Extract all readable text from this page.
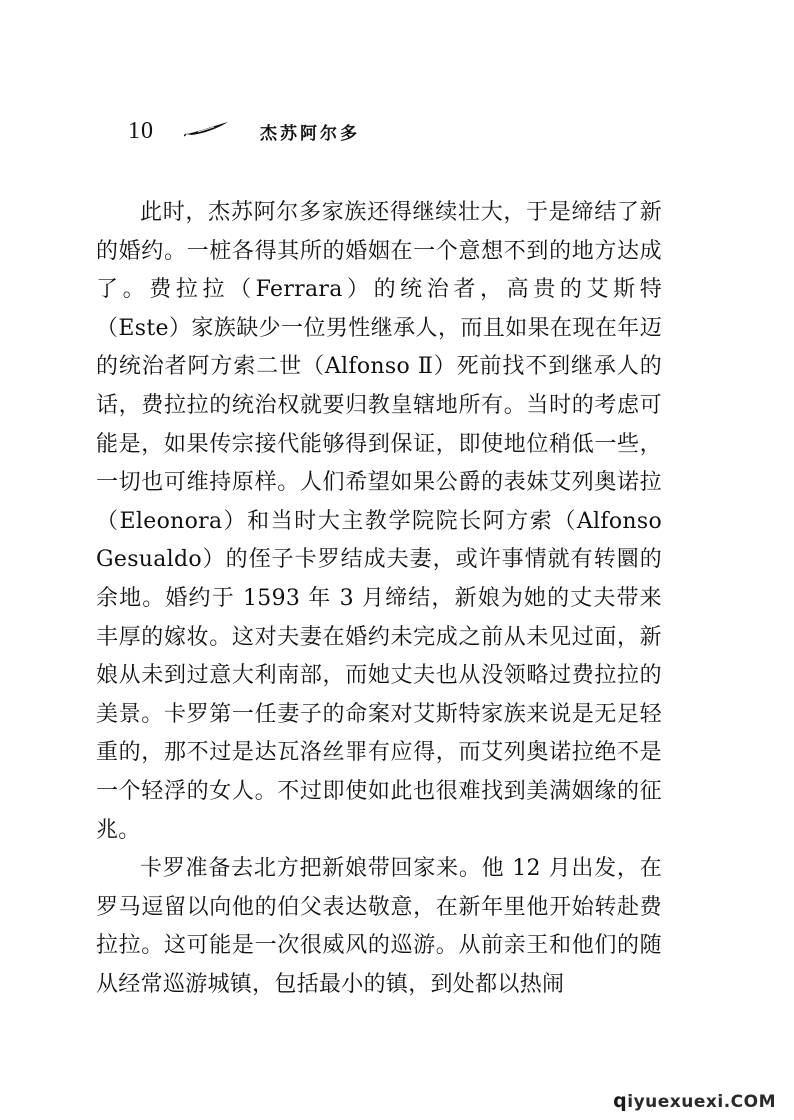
10	杰苏阿尔多

此时，杰苏阿尔多家族还得继续壮大，于是缔结了新的婚约。一桩各得其所的婚姻在一个意想不到的地方达成了。费拉拉（Ferrara）的统治者，高贵的艾斯特（Este）家族缺少一位男性继承人，而且如果在现在年迈的统治者阿方索二世（Alfonso Ⅱ）死前找不到继承人的话，费拉拉的统治权就要归教皇辖地所有。当时的考虑可能是，如果传宗接代能够得到保证，即使地位稍低一些，一切也可维持原样。人们希望如果公爵的表妹艾列奥诺拉（Eleonora）和当时大主教学院院长阿方索（Alfonso Gesualdo）的侄子卡罗结成夫妻，或许事情就有转圜的余地。婚约于 1593 年 3 月缔结，新娘为她的丈夫带来丰厚的嫁妆。这对夫妻在婚约未完成之前从未见过面，新娘从未到过意大利南部，而她丈夫也从没领略过费拉拉的美景。卡罗第一任妻子的命案对艾斯特家族来说是无足轻重的，那不过是达瓦洛丝罪有应得，而艾列奥诺拉绝不是一个轻浮的女人。不过即使如此也很难找到美满姻缘的征兆。

卡罗准备去北方把新娘带回家来。他 12 月出发，在罗马逗留以向他的伯父表达敬意，在新年里他开始转赴费拉拉。这可能是一次很威风的巡游。从前亲王和他们的随从经常巡游城镇，包括最小的镇，到处都以热闹

qiyuexuexi.COM
